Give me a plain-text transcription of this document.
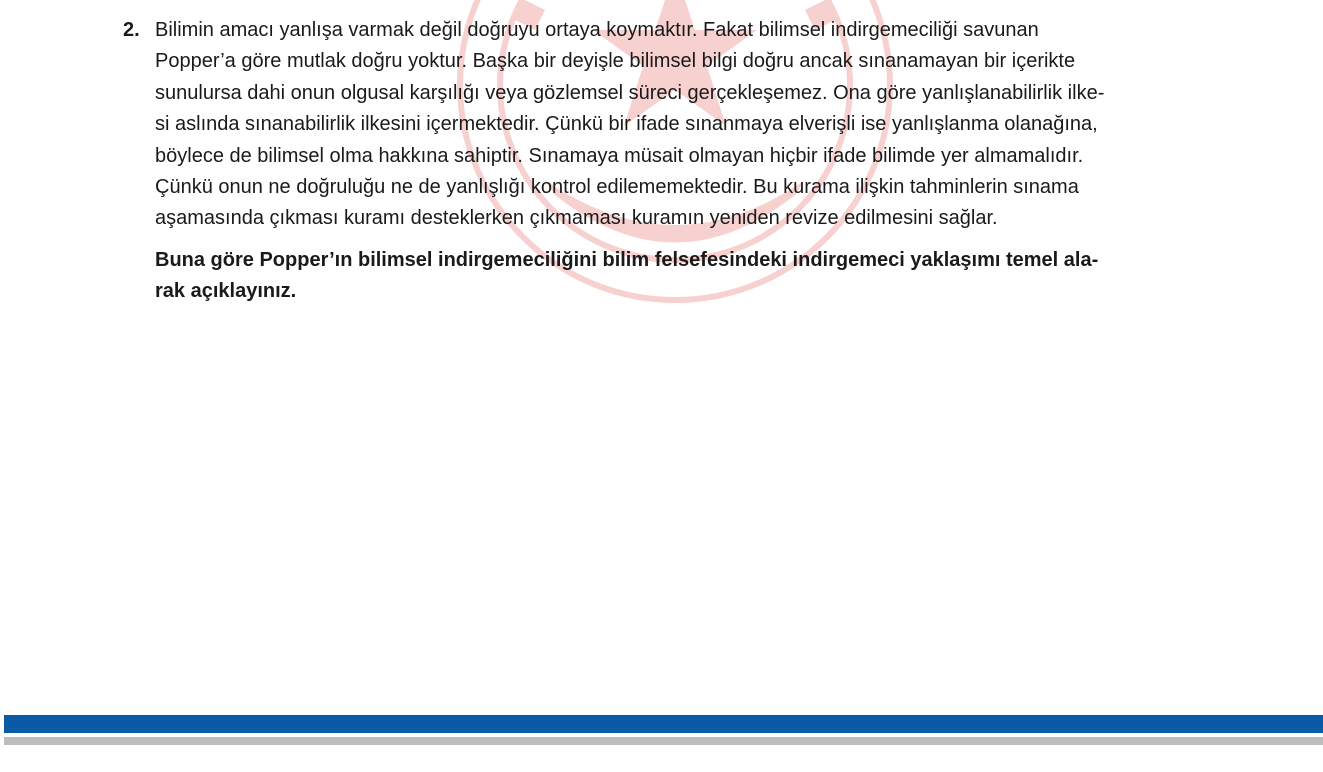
2. Bilimin amacı yanlışa varmak değil doğruyu ortaya koymaktır. Fakat bilimsel indirgemeciliği savunan
Popper’a göre mutlak doğru yoktur. Başka bir deyişle bilimsel bilgi doğru ancak sınanamayan bir içerikte
sunulursa dahi onun olgusal karşılığı veya gözlemsel süreci gerçekleşemez. Ona göre yanlışlanabilirlik ilke-
si aslında sınanabilirlik ilkesini içermektedir. Çünkü bir ifade sınanmaya elverişli ise yanlışlanma olanağına,
böylece de bilimsel olma hakkına sahiptir. Sınamaya müsait olmayan hiçbir ifade bilimde yer almamalıdır.
Çünkü onun ne doğruluğu ne de yanlışlığı kontrol edilememektedir. Bu kurama ilişkin tahminlerin sınama
aşamasında çıkması kuramı desteklerken çıkmaması kuramın yeniden revize edilmesini sağlar.

Buna göre Popper’ın bilimsel indirgemeciliğini bilim felsefesindeki indirgemeci yaklaşımı temel ala-
rak açıklayınız.
